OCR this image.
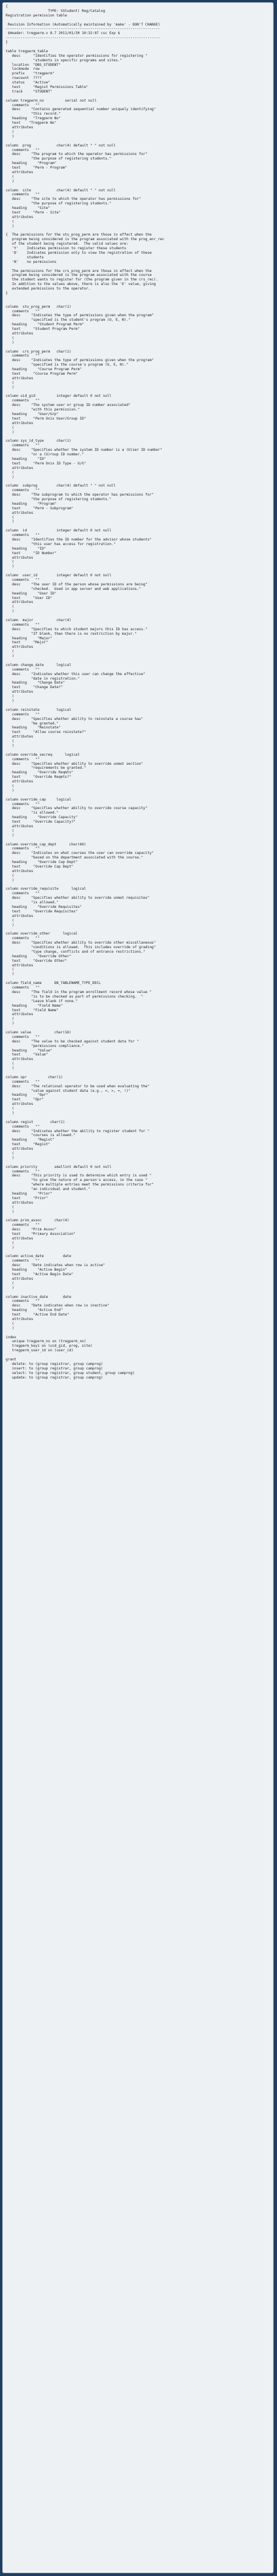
{
TYPE: SStudent) Reg/Catalog
Registration permission table
Revision Information (Automatically maintained by 'make' - DON'T CHANGE)
-------------------------------------------------------------------------
$Header: tregperm.v 8.7 2011/01/30 10:32:07 csc Exp $
-------------------------------------------------------------------------
}
table tregperm_table
desc      "Identifies the operator permissions for registering "
"students in specific programs and sites."
location  "DBS_STUDENT"
lockmode  row
prefix    "tregperm"
rowcount  ????
status    "Active"
text      "Regist Permissions Table"
track     "STUDENT"
column tregperm_no          serial not null
comments   ""
desc     "Contains generated sequential number uniquely identifying"
"this record."
heading   "Tregperm No"
text    "Tregperm No"
attributes
(
)
column  prog            char(4) default " " not null
comments   ""
desc     "The program to which the operator has permissions for"
"the purpose of registering students."
heading     "Program"
text      "Perm - Program"
attributes
(
)
column  site            char(4) default " " not null
comments   ""
desc     "The site to which the operator has permissions for"
"the purpose of registering students."
heading     "Site"
text      "Perm - Site"
attributes
(
)
{  The permissions for the stu_prog_perm are those in effect when the
program being considered is the program associated with the prog_enr_rec
of the student being registered.  The valid values are:
'Y'    Indicates permission to register these students
'D'    Indicates permission only to view the registration of these
students
'N'    no permissions
The permissions for the crs_prog_perm are those in effect when the
program being considered is the program associated with the course
the student wants to register for (the program given in the crs_rec).
In addition to the values above, there is also the 'E' value, giving
extended permissions to the operator.
}
column  stu_prog_perm   char(1)
comments   ""
desc     "Indicates the type of permissions given when the program"
"specified is the student's program (U, E, N)."
heading     "Student Program Perm"
text      "Student Program Perm"
attributes
(
)
column  crs_prog_perm   char(1)
comments   ""
desc     "Indicates the type of permissions given when the program"
"specified is the course's program (U, E, N)."
heading     "Course Program Perm"
text      "Course Program Perm"
attributes
(
)
column uid_gid          integer default 0 not null
comments   ""
desc     "The system user or group ID number associated"
"with this permission."
heading     "User/Grp"
text      "Perm Unix User/Group ID"
attributes
(
)
column sys_id_type      char(1)
comments   ""
desc     "Specifies whether the system ID number is a (U)ser ID number"
"or a (G)roup ID number."
heading     "ID"
text      "Perm Unix ID Type - U/G"
attributes
(
)
column  subprog         char(4) default " " not null
comments   ""
desc     "The subprogram to which the operator has permissions for"
"the purpose of registering students."
heading     "Program"
text      "Perm - Subprogram"
attributes
(
)
column  id              integer default 0 not null
comments   ""
desc     "Identifies the ID number for the advisor whose students"
"this user has access for registration."
heading     "ID"
text      "ID Number"
attributes
(
)
column  user_id         integer default 0 not null
comments   ""
desc     "The user ID of the person whose permissions are being"
"checked.  Used in app server and web applications."
heading     "User ID"
text      "User ID"
attributes
(
)
column  major           char(4)
comments   ""
desc     "Specifies to which student majors this ID has access."
"If blank, then there is no restriction by major."
heading     "Major"
text      "Major"
attributes
(
)
column change_date      logical
comments   ""
desc     "Indicates whether this user can change the effective"
"date in registration."
heading     "Change Date"
text      "Change Date?"
attributes
(
)
column reinstate        logical
comments   ""
desc     "Specifies whether ability to reinstate a course has"
"be granted."
heading     "Reinstate"
text      "Allow course reinstate?"
attributes
(
)
column override_secreq      logical
comments   ""
desc     "Specifies whether ability to override unmet section"
"requirements be granted."
heading     "Override Reqmts"
text      "Override Reqmts?"
attributes
(
)
column override_cap     logical
comments   ""
desc     "Specifies whether ability to override course capacity"
"is allowed."
heading     "Override Capacity"
text      "Override Capacity?"
attributes
(
)
column override_cap_dept      char(60)
comments   ""
desc     "Indicates on what courses the user can override capacity"
"based on the department associated with the course."
heading     "Override Cap Dept"
text      "Override Cap Dept"
attributes
(
)
column override_requisite      logical
comments   ""
desc     "Specifies whether ability to override unmet requisites"
"is allowed."
heading     "Override Requisites"
text      "Override Requisites"
attributes
(
)
column override_other      logical
comments   ""
desc     "Specifies whether ability to override other miscellaneous"
"conditions is allowed.  This includes override of grading"
"type change, conflicts and of entrance restrictions."
heading     "Override Other"
text      "Override Other"
attributes
(
)
column field_name      DB_TABLENAME_TYPE_DECL
comments   ""
desc     "The field in the program enrollment record whose value "
"is to be checked as part of permissions checking.  "
"Leave blank if none."
heading     "Field Name"
text      "Field Name"
attributes
(
)
column value           char(16)
comments   ""
desc     "The value to be checked against student data for "
"permissions compliance."
heading     "Value"
text      "Value"
attributes
(
)
column opr          char(1)
comments   ""
desc     "The relational operator to be used when evaluating the"
"value against student data (e.g., <, >, =, !)"
heading     "Opr"
text      "Opr"
attributes
(
)
column regist        char(1)
comments   ""
desc     "Indicates whether the ability to register student for "
"courses is allowed."
heading     "Regist"
text      "Regist"
attributes
(
)
column priority        smallint default 0 not null
comments   ""
desc     "This priority is used to determine which entry is used "
"to give the nature of a person's access, in the case "
"where multiple entries meet the permissions criteria for"
"an individual and student."
heading     "Prior"
text      "Prior"
attributes
(
)
column prim_assoc      char(4)
comments   ""
desc     "Prim Assoc"
text     "Primary Association"
attributes
(
)
column active_date         date
comments   ""
desc     "Date indicates when row is active"
heading     "Active Begin"
text      "Active Begin Date"
attributes
(
)
column inactive_date       date
comments   ""
desc     "Date indicates when row is inactive"
heading     "Active End"
text      "Active End Date"
attributes
(
)
index
unique tregperm_no on (tregperm_no)
tregperm_key1 on (uid_gid, prog, site)
tregperm_user_id on (user_id)
grant
delete: to (group registrar, group camprog)
insert: to (group registrar, group camprog)
select: to (group registrar, group student, group camprog)
update: to (group registrar, group camprog)
